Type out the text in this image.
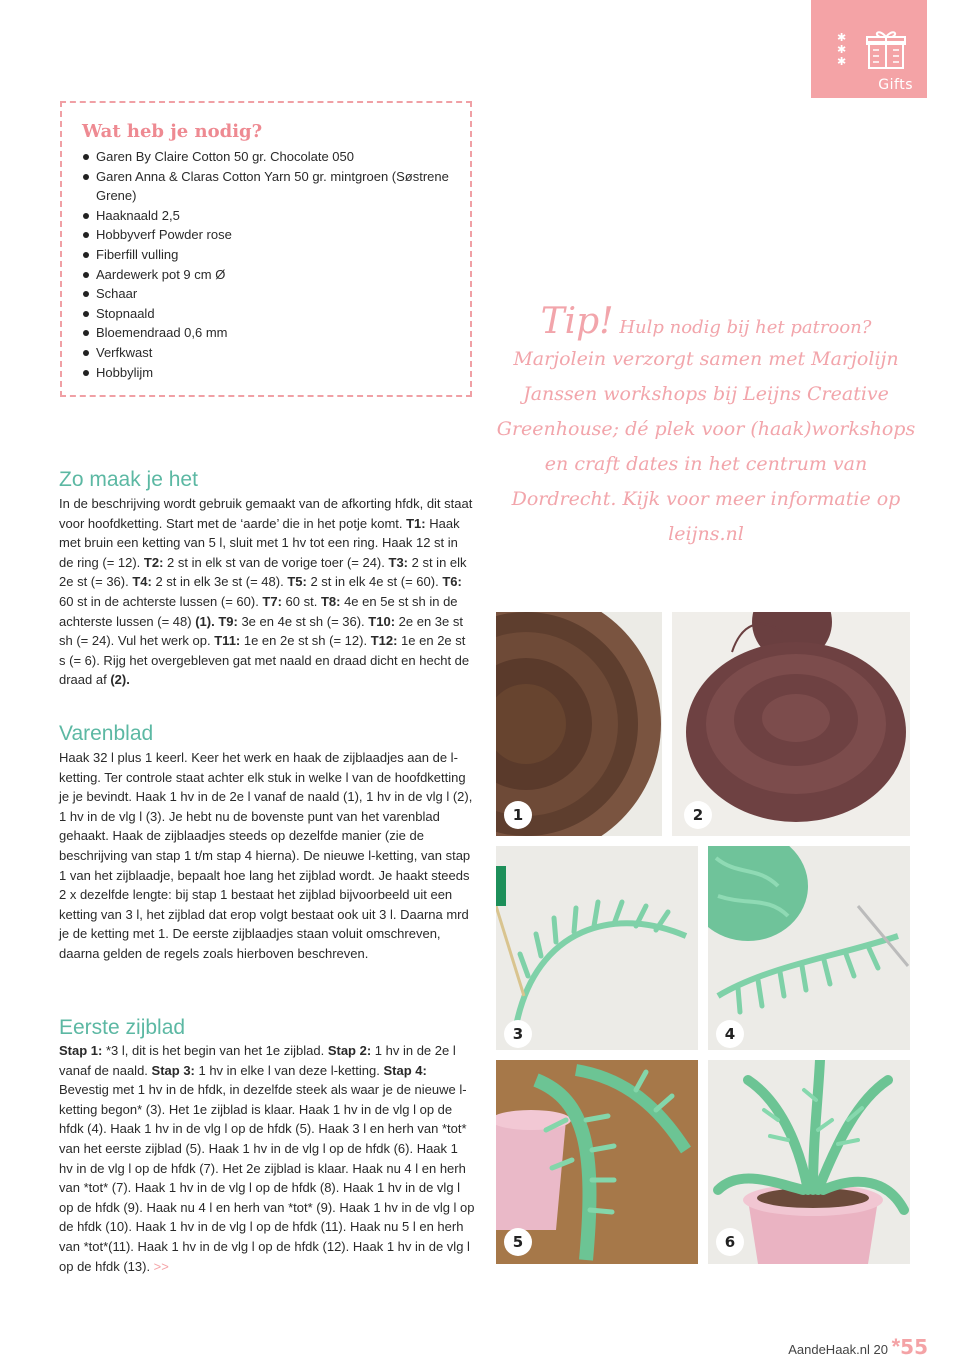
✱
✱
✱
Gifts
Wat heb je nodig?
Garen By Claire Cotton 50 gr. Chocolate 050
Garen Anna & Claras Cotton Yarn 50 gr. mintgroen (Søstrene Grene)
Haaknaald 2,5
Hobbyverf Powder rose
Fiberfill vulling
Aardewerk pot 9 cm Ø
Schaar
Stopnaald
Bloemendraad 0,6 mm
Verfkwast
Hobbylijm
Tip! Hulp nodig bij het patroon?
Marjolein verzorgt samen met Marjolijn Janssen workshops bij Leijns Creative Greenhouse; dé plek voor (haak)workshops en craft dates in het centrum van Dordrecht. Kijk voor meer informatie op leijns.nl
Zo maak je het

In de beschrijving wordt gebruik gemaakt van de afkorting hfdk, dit staat voor hoofdketting. Start met de ‘aarde’ die in het potje komt. T1: Haak met bruin een ketting van 5 l, sluit met 1 hv tot een ring. Haak 12 st in de ring (= 12). T2: 2 st in elk st van de vorige toer (= 24). T3: 2 st in elk 2e st (= 36). T4: 2 st in elk 3e st (= 48). T5: 2 st in elk 4e st (= 60). T6: 60 st in de achterste lussen (= 60). T7: 60 st. T8: 4e en 5e st sh in de achterste lussen (= 48) (1). T9: 3e en 4e st sh (= 36). T10: 2e en 3e st sh (= 24). Vul het werk op. T11: 1e en 2e st sh (= 12). T12: 1e en 2e st s (= 6). Rijg het overgebleven gat met naald en draad dicht en hecht de draad af (2).

Varenblad

Haak 32 l plus 1 keerl. Keer het werk en haak de zijblaadjes aan de l-ketting. Ter controle staat achter elk stuk in welke l van de hoofdketting je je bevindt. Haak 1 hv in de 2e l vanaf de naald (1), 1 hv in de vlg l (2), 1 hv in de vlg l (3). Je hebt nu de bovenste punt van het varenblad gehaakt. Haak de zijblaadjes steeds op dezelfde manier (zie de beschrijving van stap 1 t/m stap 4 hierna). De nieuwe l-ketting, van stap 1 van het zijblaadje, bepaalt hoe lang het zijblad wordt. Je haakt steeds 2 x dezelfde lengte: bij stap 1 bestaat het zijblad bijvoorbeeld uit een ketting van 3 l, het zijblad dat erop volgt bestaat ook uit 3 l. Daarna mrd je de ketting met 1. De eerste zijblaadjes staan voluit omschreven, daarna gelden de regels zoals hierboven beschreven.

Eerste zijblad

Stap 1: *3 l, dit is het begin van het 1e zijblad. Stap 2: 1 hv in de 2e l vanaf de naald. Stap 3: 1 hv in elke l van deze l-ketting. Stap 4: Bevestig met 1 hv in de hfdk, in dezelfde steek als waar je de nieuwe l-ketting begon* (3). Het 1e zijblad is klaar. Haak 1 hv in de vlg l op de hfdk (4). Haak 1 hv in de vlg l op de hfdk (5). Haak 3 l en herh van *tot* van het eerste zijblad (5). Haak 1 hv in de vlg l op de hfdk (6). Haak 1 hv in de vlg l op de hfdk (7). Het 2e zijblad is klaar. Haak nu 4 l en herh van *tot* (7). Haak 1 hv in de vlg l op de hfdk (8). Haak 1 hv in de vlg l op de hfdk (9). Haak nu 4 l en herh van *tot* (9). Haak 1 hv in de vlg l op de hfdk (10). Haak 1 hv in de vlg l op de hfdk (11). Haak nu 5 l en herh van *tot*(11). Haak 1 hv in de vlg l op de hfdk (12). Haak 1 hv in de vlg l op de hfdk (13). >>

1	2
3	4
5	6
AandeHaak.nl 20 *55
